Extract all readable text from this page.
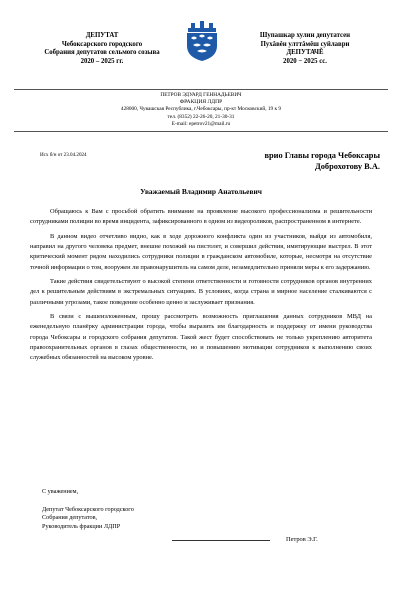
ДЕПУТАТ
Чебоксарского городского
Собрания депутатов сельмого созыва
2020 – 2025 гг.
Шупашкар хулин депутатсен
Пухăвĕн улттăмĕш суйлаври
ДЕПУТАЧĔ
2020 − 2025 сс.
ПЕТРОВ ЭДУАРД ГЕННАДЬЕВИЧ
ФРАКЦИЯ ЛДПР
428000, Чувашская Республика, г.Чебоксары, пр-кт Московский, 19 к 9
тел. (8352) 22-26-20, 21-30-31
E-mail: epetrov21@mail.ru
Исх б/н от 23.04.2024	врио Главы города Чебоксары
Доброхотову В.А.
Уважаемый Владимир Анатольевич

Обращаюсь к Вам с просьбой обратить внимание на проявление высокого профессионализма и решительности сотрудниками полиции во время инцидента, зафиксированного в одном из видеороликов, распространенном в интернете.

В данном видео отчетливо видно, как в ходе дорожного конфликта один из участников, выйдя из автомобиля, направил на другого человека предмет, внешне похожий на пистолет, и совершил действия, имитирующие выстрел. В этот критический момент рядом находились сотрудники полиции в гражданском автомобиле, которые, несмотря на отсутствие точной информации о том, вооружен ли правонарушитель на самом деле, незамедлительно приняли меры к его задержанию.

Такие действия свидетельствуют о высокой степени ответственности и готовности сотрудников органов внутренних дел к решительным действиям в экстремальных ситуациях. В условиях, когда страна и мирное население сталкиваются с различными угрозами, такое поведение особенно ценно и заслуживает признания.

В связи с вышеизложенным, прошу рассмотреть возможность приглашения данных сотрудников МВД на еженедельную планёрку администрации города, чтобы выразить им благодарность и поддержку от имени руководства города Чебоксары и городского собрания депутатов. Такой жест будет способствовать не только укреплению авторитета правоохранительных органов в глазах общественности, но и повышению мотивации сотрудников к выполнению своих служебных обязанностей на высоком уровне.

С уважением,
Депутат Чебоксарского городского
Собрания депутатов,
Руководитель фракции ЛДПР
Петров Э.Г.
